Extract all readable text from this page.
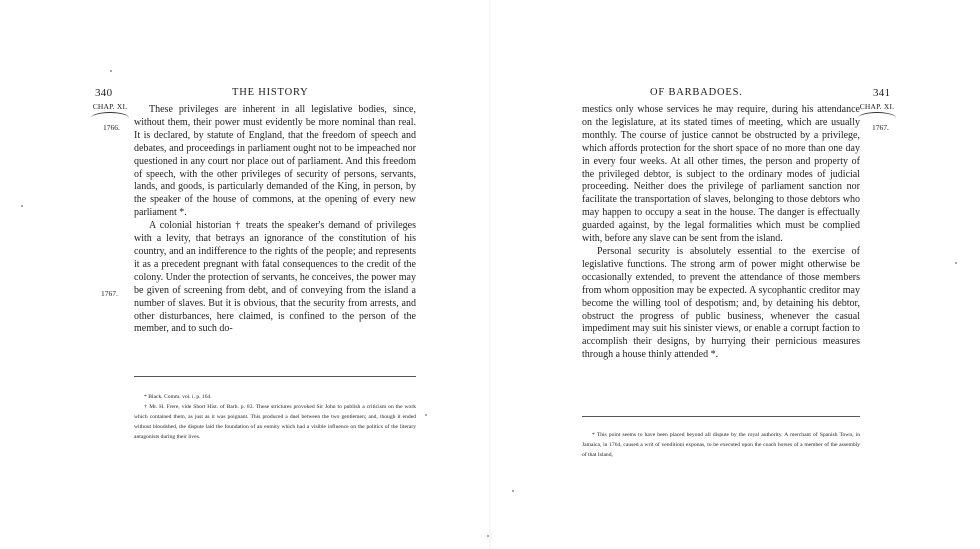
340	THE HISTORY
CHAP. XI.
1766.
1767.

These privileges are inherent in all legislative bodies, since, without them, their power must evidently be more nominal than real. It is declared, by statute of England, that the freedom of speech and debates, and proceedings in parliament ought not to be impeached nor questioned in any court nor place out of parliament. And this freedom of speech, with the other privileges of security of persons, servants, lands, and goods, is particularly demanded of the King, in person, by the speaker of the house of commons, at the opening of every new parliament *.

A colonial historian † treats the speaker's demand of privileges with a levity, that betrays an ignorance of the constitution of his country, and an indifference to the rights of the people; and represents it as a precedent pregnant with fatal consequences to the credit of the colony. Under the protection of servants, he conceives, the power may be given of screening from debt, and of conveying from the island a number of slaves. But it is obvious, that the security from arrests, and other disturbances, here claimed, is confined to the person of the member, and to such do-

* Black. Comm. vol. i. p. 164.

† Mr. H. Frere, vide Short Hist. of Barb. p. 83. These strictures provoked Sir John to publish a criticism on the work which contained them, as just as it was poignant. This produced a duel between the two gentlemen; and, though it ended without bloodshed, the dispute laid the foundation of an enmity which had a visible influence on the politics of the literary antagonists during their lives.

OF BARBADOES.	341
CHAP. XI.
1767.

mestics only whose services he may require, during his attendance on the legislature, at its stated times of meeting, which are usually monthly. The course of justice cannot be obstructed by a privilege, which affords protection for the short space of no more than one day in every four weeks. At all other times, the person and property of the privileged debtor, is subject to the ordinary modes of judicial proceeding. Neither does the privilege of parliament sanction nor facilitate the transportation of slaves, belonging to those debtors who may happen to occupy a seat in the house. The danger is effectually guarded against, by the legal formalities which must be complied with, before any slave can be sent from the island.

Personal security is absolutely essential to the exercise of legislative functions. The strong arm of power might otherwise be occasionally extended, to prevent the attendance of those members from whom opposition may be expected. A sycophantic creditor may become the willing tool of despotism; and, by detaining his debtor, obstruct the progress of public business, whenever the casual impediment may suit his sinister views, or enable a corrupt faction to accomplish their designs, by hurrying their pernicious measures through a house thinly attended *.

* This point seems to have been placed beyond all dispute by the royal authority. A merchant of Spanish Town, in Jamaica, in 1764, caused a writ of venditioni exponas, to be executed upon the coach horses of a member of the assembly of that Island,
